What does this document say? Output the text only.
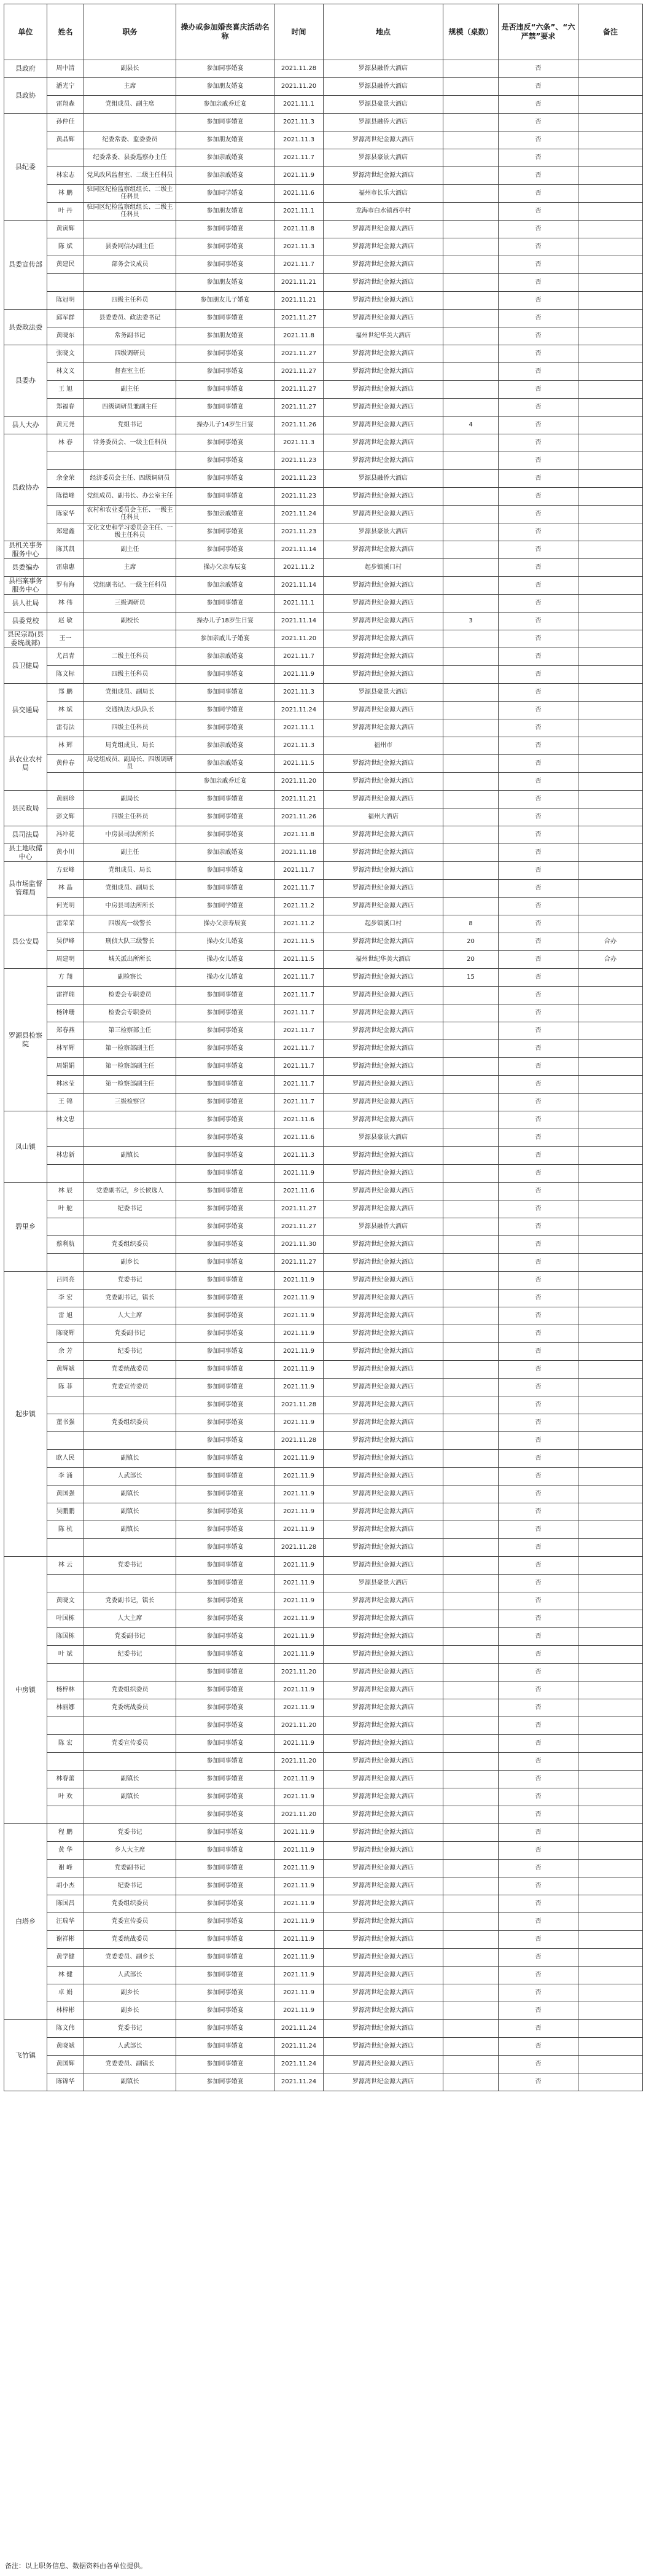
单位	姓名	职务	操办或参加婚丧喜庆活动名称	时间	地点	规模（桌数）	是否违反“六条”、“六严禁”要求	备注
县政府	周中清	副县长	参加同事婚宴	2021.11.28	罗源县融侨大酒店		否	
县政协	潘光宁	主席	参加朋友婚宴	2021.11.20	罗源县融侨大酒店		否	
	雷翔森	党组成员、副主席	参加亲戚乔迁宴	2021.11.1	罗源县豪景大酒店		否	
县纪委	孙仲佳		参加同事婚宴	2021.11.3	罗源县融侨大酒店		否	
	黄晶辉	纪委常委、监委委员	参加朋友婚宴	2021.11.3	罗源湾世纪金源大酒店		否	
		纪委常委、县委巡察办主任	参加亲戚婚宴	2021.11.7	罗源县豪景大酒店		否	
	林宏志	党风政风监督室、二级主任科员	参加亲戚婚宴	2021.11.9	罗源湾世纪金源大酒店		否	
	林 鹏	驻同区纪检监察组组长、二级主任科员	参加同学婚宴	2021.11.6	福州市长乐大酒店		否	
	叶 丹	驻同区纪检监察组组长、二级主任科员	参加朋友婚宴	2021.11.1	龙海市白水镇西亭村		否	
县委宣传部	黄寅辉		参加同事婚宴	2021.11.8	罗源湾世纪金源大酒店		否	
	陈 斌	县委网信办副主任	参加同事婚宴	2021.11.3	罗源湾世纪金源大酒店		否	
	黄建民	部务会议成员	参加同事婚宴	2021.11.7	罗源湾世纪金源大酒店		否	
			参加朋友婚宴	2021.11.21	罗源湾世纪金源大酒店		否	
	陈冠明	四级主任科员	参加朋友儿子婚宴	2021.11.21	罗源湾世纪金源大酒店		否	
县委政法委	邱军群	县委委员、政法委书记	参加同事婚宴	2021.11.27	罗源湾世纪金源大酒店		否	
	黄晓东	常务副书记	参加朋友婚宴	2021.11.8	福州世纪华美大酒店		否	
县委办	张晓文	四级调研员	参加同事婚宴	2021.11.27	罗源湾世纪金源大酒店		否	
	林文义	督查室主任	参加同事婚宴	2021.11.27	罗源湾世纪金源大酒店		否	
	王 旭	副主任	参加同事婚宴	2021.11.27	罗源湾世纪金源大酒店		否	
	郑福春	四级调研员兼副主任	参加同事婚宴	2021.11.27	罗源湾世纪金源大酒店		否	
县人大办	黄元尧	党组书记	操办儿子14岁生日宴	2021.11.26	罗源湾世纪金源大酒店	4	否	
县政协办	林 春	常务委员会、一级主任科员	参加同事婚宴	2021.11.3	罗源湾世纪金源大酒店		否	
			参加同事婚宴	2021.11.23	罗源湾世纪金源大酒店		否	
	余金荣	经济委员会主任、四级调研员	参加同事婚宴	2021.11.23	罗源县融侨大酒店		否	
	陈德峰	党组成员、副书长、办公室主任	参加同事婚宴	2021.11.23	罗源湾世纪金源大酒店		否	
	陈家华	农村和农业委员会主任、一级主任科员	参加亲戚婚宴	2021.11.24	罗源湾世纪金源大酒店		否	
	郑建鑫	文化文史和学习委员会主任、一级主任科员	参加同事婚宴	2021.11.23	罗源县豪景大酒店		否	
县机关事务服务中心	陈其凯	副主任	参加同事婚宴	2021.11.14	罗源湾世纪金源大酒店		否	
县委编办	雷康惠	主席	操办父亲寿辰宴	2021.11.2	起步镇溪口村		否	
县档案事务服务中心	罗有海	党组副书记、一级主任科员	参加亲戚婚宴	2021.11.14	罗源湾世纪金源大酒店		否	
县人社局	林 伟	三级调研员	参加同事婚宴	2021.11.1	罗源湾世纪金源大酒店		否	
县委党校	赵 敏	副校长	操办儿子18岁生日宴	2021.11.14	罗源湾世纪金源大酒店	3	否	
县民宗局(县委统战部)	王一		参加亲戚儿子婚宴	2021.11.20	罗源湾世纪金源大酒店		否	
县卫健局	尤昌青	二级主任科员	参加亲戚婚宴	2021.11.7	罗源湾世纪金源大酒店		否	
	陈文标	四级主任科员	参加同事婚宴	2021.11.9	罗源湾世纪金源大酒店		否	
县交通局	郑 鹏	党组成员、副局长	参加同事婚宴	2021.11.3	罗源县豪景大酒店		否	
	林 斌	交通执法大队队长	参加同学婚宴	2021.11.24	罗源湾世纪金源大酒店		否	
	雷有法	四级主任科员	参加同事婚宴	2021.11.1	罗源湾世纪金源大酒店		否	
县农业农村局	林 辉	局党组成员、局长	参加亲戚婚宴	2021.11.3	福州市		否	
	黄仲春	局党组成员、副局长、四级调研员	参加亲戚婚宴	2021.11.5	罗源湾世纪金源大酒店		否	
			参加亲戚乔迁宴	2021.11.20	罗源湾世纪金源大酒店		否	
县民政局	黄丽珍	副局长	参加同事婚宴	2021.11.21	罗源湾世纪金源大酒店		否	
	彭文辉	四级主任科员	参加同事婚宴	2021.11.26	福州大酒店		否	
县司法局	冯冲花	中房县司法所所长	参加同事婚宴	2021.11.8	罗源湾世纪金源大酒店		否	
县土地收储中心	黄小川	副主任	参加亲戚婚宴	2021.11.18	罗源湾世纪金源大酒店		否	
县市场监督管理局	方亚峰	党组成员、局长	参加同事婚宴	2021.11.7	罗源湾世纪金源大酒店		否	
	林 晶	党组成员、副局长	参加同事婚宴	2021.11.7	罗源湾世纪金源大酒店		否	
	何光明	中房县司法所所长	参加同学婚宴	2021.11.2	罗源湾世纪金源大酒店		否	
县公安局	雷荣荣	四级高一级警长	操办父亲寿辰宴	2021.11.2	起步镇溪口村	8	否	
	吴伊峰	刑侦大队三级警长	操办女儿婚宴	2021.11.5	罗源湾世纪金源大酒店	20	否	合办
	周建明	城关派出所所长	操办女儿婚宴	2021.11.5	福州世纪华美大酒店	20	否	合办
罗源县检察院	方 翔	副检察长	操办女儿婚宴	2021.11.7	罗源湾世纪金源大酒店	15	否	
	雷祥瑞	检委会专职委员	参加同事婚宴	2021.11.7	罗源湾世纪金源大酒店		否	
	杨钟珊	检委会专职委员	参加同事婚宴	2021.11.7	罗源湾世纪金源大酒店		否	
	郑春燕	第三检察部主任	参加同事婚宴	2021.11.7	罗源湾世纪金源大酒店		否	
	林军辉	第一检察部副主任	参加同事婚宴	2021.11.7	罗源湾世纪金源大酒店		否	
	周娟娟	第一检察部副主任	参加同事婚宴	2021.11.7	罗源湾世纪金源大酒店		否	
	林冰莹	第一检察部副主任	参加同事婚宴	2021.11.7	罗源湾世纪金源大酒店		否	
	王 锦	三级检察官	参加同事婚宴	2021.11.7	罗源湾世纪金源大酒店		否	
凤山镇	林文忠		参加同事婚宴	2021.11.6	罗源湾世纪金源大酒店		否	
			参加同事婚宴	2021.11.6	罗源县豪景大酒店		否	
	林忠新	副镇长	参加同事婚宴	2021.11.3	罗源湾世纪金源大酒店		否	
			参加同事婚宴	2021.11.9	罗源湾世纪金源大酒店		否	
碧里乡	林 辰	党委副书记，乡长候选人	参加同事婚宴	2021.11.6	罗源湾世纪金源大酒店		否	
	叶 舵	纪委书记	参加同事婚宴	2021.11.27	罗源湾世纪金源大酒店		否	
			参加同事婚宴	2021.11.27	罗源县融侨大酒店		否	
	蔡利航	党委组织委员	参加同事婚宴	2021.11.30	罗源湾世纪金源大酒店		否	
		副乡长	参加同事婚宴	2021.11.27	罗源湾世纪金源大酒店		否	
起步镇	吕同亮	党委书记	参加同事婚宴	2021.11.9	罗源湾世纪金源大酒店		否	
	李 宏	党委副书记，镇长	参加同事婚宴	2021.11.9	罗源湾世纪金源大酒店		否	
	雷 旭	人大主席	参加同事婚宴	2021.11.9	罗源湾世纪金源大酒店		否	
	陈晓辉	党委副书记	参加同事婚宴	2021.11.9	罗源湾世纪金源大酒店		否	
	余 芳	纪委书记	参加同事婚宴	2021.11.9	罗源湾世纪金源大酒店		否	
	黄辉斌	党委统战委员	参加同事婚宴	2021.11.9	罗源湾世纪金源大酒店		否	
	陈 菲	党委宣传委员	参加同事婚宴	2021.11.9	罗源湾世纪金源大酒店		否	
			参加同事婚宴	2021.11.28	罗源湾世纪金源大酒店		否	
	董书强	党委组织委员	参加同事婚宴	2021.11.9	罗源湾世纪金源大酒店		否	
			参加同事婚宴	2021.11.28	罗源湾世纪金源大酒店		否	
	欧人民	副镇长	参加同事婚宴	2021.11.9	罗源湾世纪金源大酒店		否	
	李 涌	人武部长	参加同事婚宴	2021.11.9	罗源湾世纪金源大酒店		否	
	黄国强	副镇长	参加同事婚宴	2021.11.9	罗源湾世纪金源大酒店		否	
	吴鹏鹏	副镇长	参加同事婚宴	2021.11.9	罗源湾世纪金源大酒店		否	
	陈 杭	副镇长	参加同事婚宴	2021.11.9	罗源湾世纪金源大酒店		否	
			参加同事婚宴	2021.11.28	罗源湾世纪金源大酒店		否	
中房镇	林 云	党委书记	参加同事婚宴	2021.11.9	罗源湾世纪金源大酒店		否	
			参加同事婚宴	2021.11.9	罗源县豪景大酒店		否	
	黄晓文	党委副书记，镇长	参加同事婚宴	2021.11.9	罗源湾世纪金源大酒店		否	
	叶国栋	人大主席	参加同事婚宴	2021.11.9	罗源湾世纪金源大酒店		否	
	陈国栋	党委副书记	参加同事婚宴	2021.11.9	罗源湾世纪金源大酒店		否	
	叶 斌	纪委书记	参加同事婚宴	2021.11.9	罗源湾世纪金源大酒店		否	
			参加同事婚宴	2021.11.20	罗源湾世纪金源大酒店		否	
	杨梓林	党委组织委员	参加同事婚宴	2021.11.9	罗源湾世纪金源大酒店		否	
	林丽娜	党委统战委员	参加同事婚宴	2021.11.9	罗源湾世纪金源大酒店		否	
			参加同事婚宴	2021.11.20	罗源湾世纪金源大酒店		否	
	陈 宏	党委宣传委员	参加同事婚宴	2021.11.9	罗源湾世纪金源大酒店		否	
			参加同事婚宴	2021.11.20	罗源湾世纪金源大酒店		否	
	林春蕾	副镇长	参加同事婚宴	2021.11.9	罗源湾世纪金源大酒店		否	
	叶 欢	副镇长	参加同事婚宴	2021.11.9	罗源湾世纪金源大酒店		否	
			参加同事婚宴	2021.11.20	罗源湾世纪金源大酒店		否	
白塔乡	程 鹏	党委书记	参加同事婚宴	2021.11.9	罗源湾世纪金源大酒店		否	
	黄 华	乡人大主席	参加同事婚宴	2021.11.9	罗源湾世纪金源大酒店		否	
	谢 峰	党委副书记	参加同事婚宴	2021.11.9	罗源湾世纪金源大酒店		否	
	胡小杰	纪委书记	参加同事婚宴	2021.11.9	罗源湾世纪金源大酒店		否	
	陈国昌	党委组织委员	参加同事婚宴	2021.11.9	罗源湾世纪金源大酒店		否	
	汪瑞华	党委宣传委员	参加同事婚宴	2021.11.9	罗源湾世纪金源大酒店		否	
	谢祥彬	党委统战委员	参加同事婚宴	2021.11.9	罗源湾世纪金源大酒店		否	
	黄学健	党委委员、副乡长	参加同事婚宴	2021.11.9	罗源湾世纪金源大酒店		否	
	林 健	人武部长	参加同事婚宴	2021.11.9	罗源湾世纪金源大酒店		否	
	卓 娟	副乡长	参加同事婚宴	2021.11.9	罗源湾世纪金源大酒店		否	
	林梓彬	副乡长	参加同事婚宴	2021.11.9	罗源湾世纪金源大酒店		否	
飞竹镇	陈文伟	党委书记	参加同事婚宴	2021.11.24	罗源湾世纪金源大酒店		否	
	黄晓斌	人武部长	参加同事婚宴	2021.11.24	罗源湾世纪金源大酒店		否	
	黄国辉	党委委员、副镇长	参加同事婚宴	2021.11.24	罗源湾世纪金源大酒店		否	
	陈锦华	副镇长	参加同事婚宴	2021.11.24	罗源湾世纪金源大酒店		否	
备注：以上职务信息、数据资料由各单位提供。
